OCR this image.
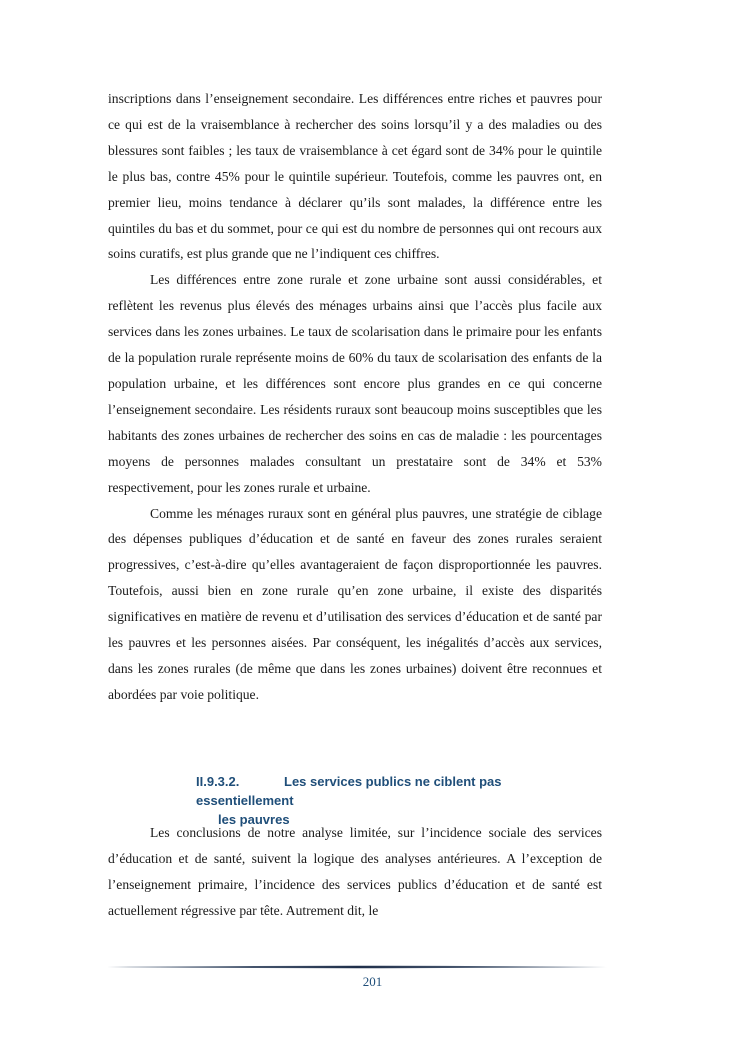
inscriptions dans l’enseignement secondaire. Les différences entre riches et pauvres pour ce qui est de la vraisemblance à rechercher des soins lorsqu’il y a des maladies ou des blessures sont faibles ; les taux de vraisemblance à cet égard sont de 34% pour le quintile le plus bas, contre 45% pour le quintile supérieur. Toutefois, comme les pauvres ont, en premier lieu, moins tendance à déclarer qu’ils sont malades, la différence entre les quintiles du bas et du sommet, pour ce qui est du nombre de personnes qui ont recours aux soins curatifs, est plus grande que ne l’indiquent ces chiffres.

Les différences entre zone rurale et zone urbaine sont aussi considérables, et reflètent les revenus plus élevés des ménages urbains ainsi que l’accès plus facile aux services dans les zones urbaines. Le taux de scolarisation dans le primaire pour les enfants de la population rurale représente moins de 60% du taux de scolarisation des enfants de la population urbaine, et les différences sont encore plus grandes en ce qui concerne l’enseignement secondaire. Les résidents ruraux sont beaucoup moins susceptibles que les habitants des zones urbaines de rechercher des soins en cas de maladie : les pourcentages moyens de personnes malades consultant un prestataire sont de 34% et 53% respectivement, pour les zones rurale et urbaine.

Comme les ménages ruraux sont en général plus pauvres, une stratégie de ciblage des dépenses publiques d’éducation et de santé en faveur des zones rurales seraient progressives, c’est-à-dire qu’elles avantageraient de façon disproportionnée les pauvres. Toutefois, aussi bien en zone rurale qu’en zone urbaine, il existe des disparités significatives en matière de revenu et d’utilisation des services d’éducation et de santé par les pauvres et les personnes aisées. Par conséquent, les inégalités d’accès aux services, dans les zones rurales (de même que dans les zones urbaines) doivent être reconnues et abordées par voie politique.

II.9.3.2.	Les services publics ne ciblent pas essentiellement
les pauvres

Les conclusions de notre analyse limitée, sur l’incidence sociale des services d’éducation et de santé, suivent la logique des analyses antérieures. A l’exception de l’enseignement primaire, l’incidence des services publics d’éducation et de santé est actuellement régressive par tête. Autrement dit, le

201
